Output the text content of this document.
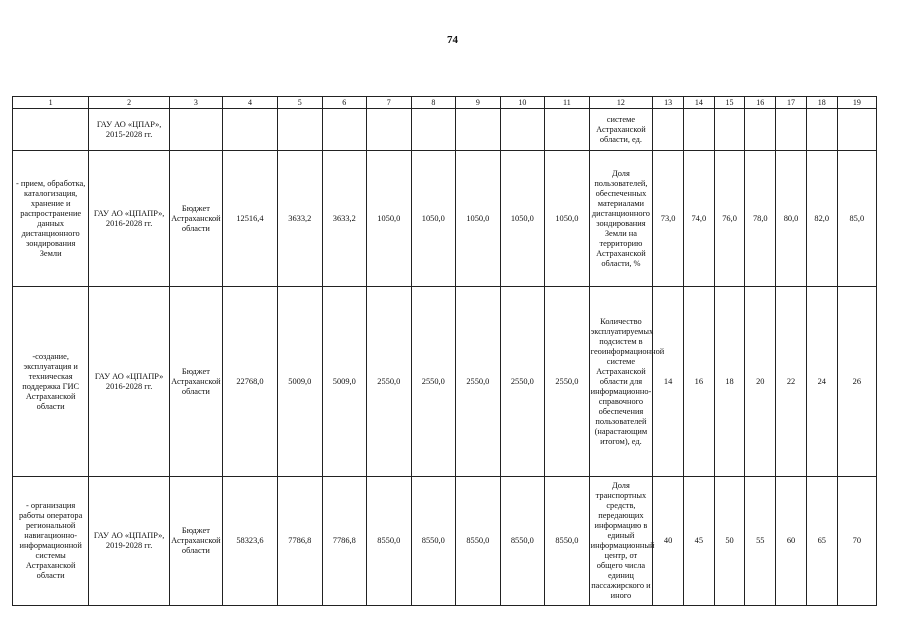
74
1	2	3	4	5	6	7	8	9	10	11	12	13	14	15	16	17	18	19
	ГАУ АО «ЦПАР», 2015-2028 гг.										системе Астраханской области, ед.							
- прием, обработка, каталогизация, хранение и распространение данных дистанционного зондирования Земли	ГАУ АО «ЦПАПР», 2016-2028 гг.	Бюджет Астраханской области	12516,4	3633,2	3633,2	1050,0	1050,0	1050,0	1050,0	1050,0	Доля пользователей, обеспеченных материалами дистанционного зондирования Земли на территорию Астраханской области, %	73,0	74,0	76,0	78,0	80,0	82,0	85,0
-создание, эксплуатация и техническая поддержка ГИС Астраханской области	ГАУ АО «ЦПАПР» 2016-2028 гг.	Бюджет Астраханской области	22768,0	5009,0	5009,0	2550,0	2550,0	2550,0	2550,0	2550,0	Количество эксплуатируемых подсистем в геоинформационной системе Астраханской области для информационно-справочного обеспечения пользователей (нарастающим итогом), ед.	14	16	18	20	22	24	26
- организация работы оператора региональной навигационно-информационной системы Астраханской области	ГАУ АО «ЦПАПР», 2019-2028 гг.	Бюджет Астраханской области	58323,6	7786,8	7786,8	8550,0	8550,0	8550,0	8550,0	8550,0	Доля транспортных средств, передающих информацию в единый информационный центр, от общего числа единиц пассажирского и иного	40	45	50	55	60	65	70
